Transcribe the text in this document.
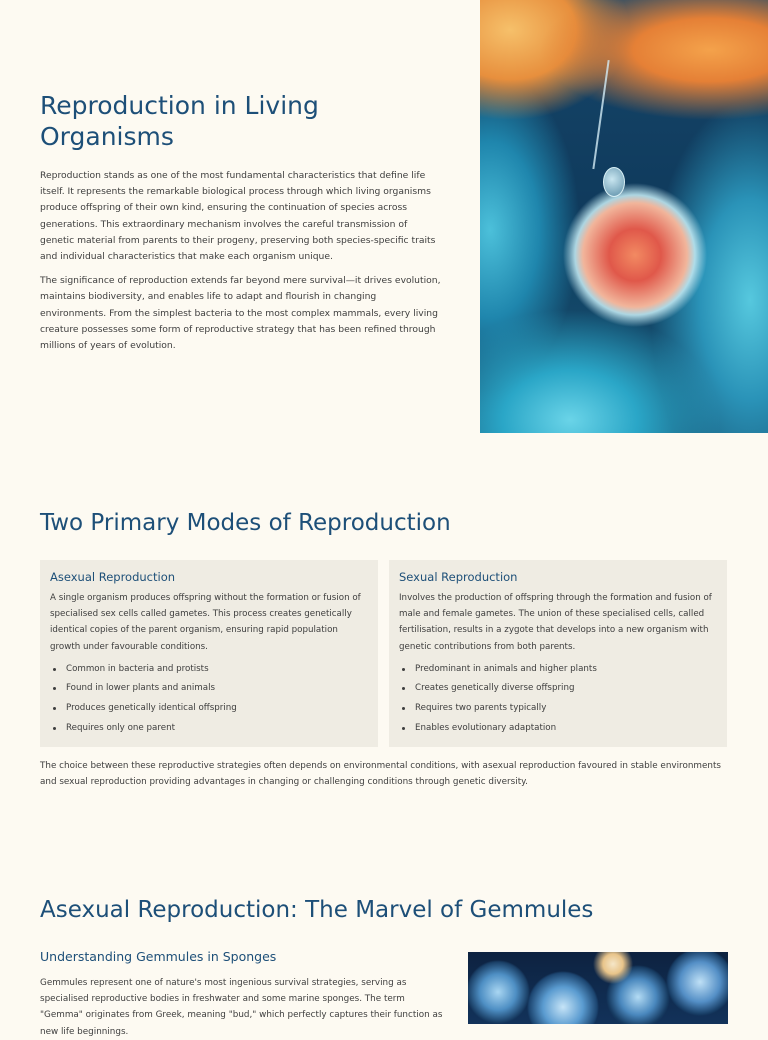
Reproduction in Living Organisms

Reproduction stands as one of the most fundamental characteristics that define life itself. It represents the remarkable biological process through which living organisms produce offspring of their own kind, ensuring the continuation of species across generations. This extraordinary mechanism involves the careful transmission of genetic material from parents to their progeny, preserving both species-specific traits and individual characteristics that make each organism unique.

The significance of reproduction extends far beyond mere survival—it drives evolution, maintains biodiversity, and enables life to adapt and flourish in changing environments. From the simplest bacteria to the most complex mammals, every living creature possesses some form of reproductive strategy that has been refined through millions of years of evolution.

Two Primary Modes of Reproduction
Asexual Reproduction

A single organism produces offspring without the formation or fusion of specialised sex cells called gametes. This process creates genetically identical copies of the parent organism, ensuring rapid population growth under favourable conditions.

Common in bacteria and protists
Found in lower plants and animals
Produces genetically identical offspring
Requires only one parent
Sexual Reproduction

Involves the production of offspring through the formation and fusion of male and female gametes. The union of these specialised cells, called fertilisation, results in a zygote that develops into a new organism with genetic contributions from both parents.

Predominant in animals and higher plants
Creates genetically diverse offspring
Requires two parents typically
Enables evolutionary adaptation

The choice between these reproductive strategies often depends on environmental conditions, with asexual reproduction favoured in stable environments and sexual reproduction providing advantages in changing or challenging conditions through genetic diversity.

Asexual Reproduction: The Marvel of Gemmules
Understanding Gemmules in Sponges

Gemmules represent one of nature's most ingenious survival strategies, serving as specialised reproductive bodies in freshwater and some marine sponges. The term "Gemma" originates from Greek, meaning "bud," which perfectly captures their function as new life beginnings.
